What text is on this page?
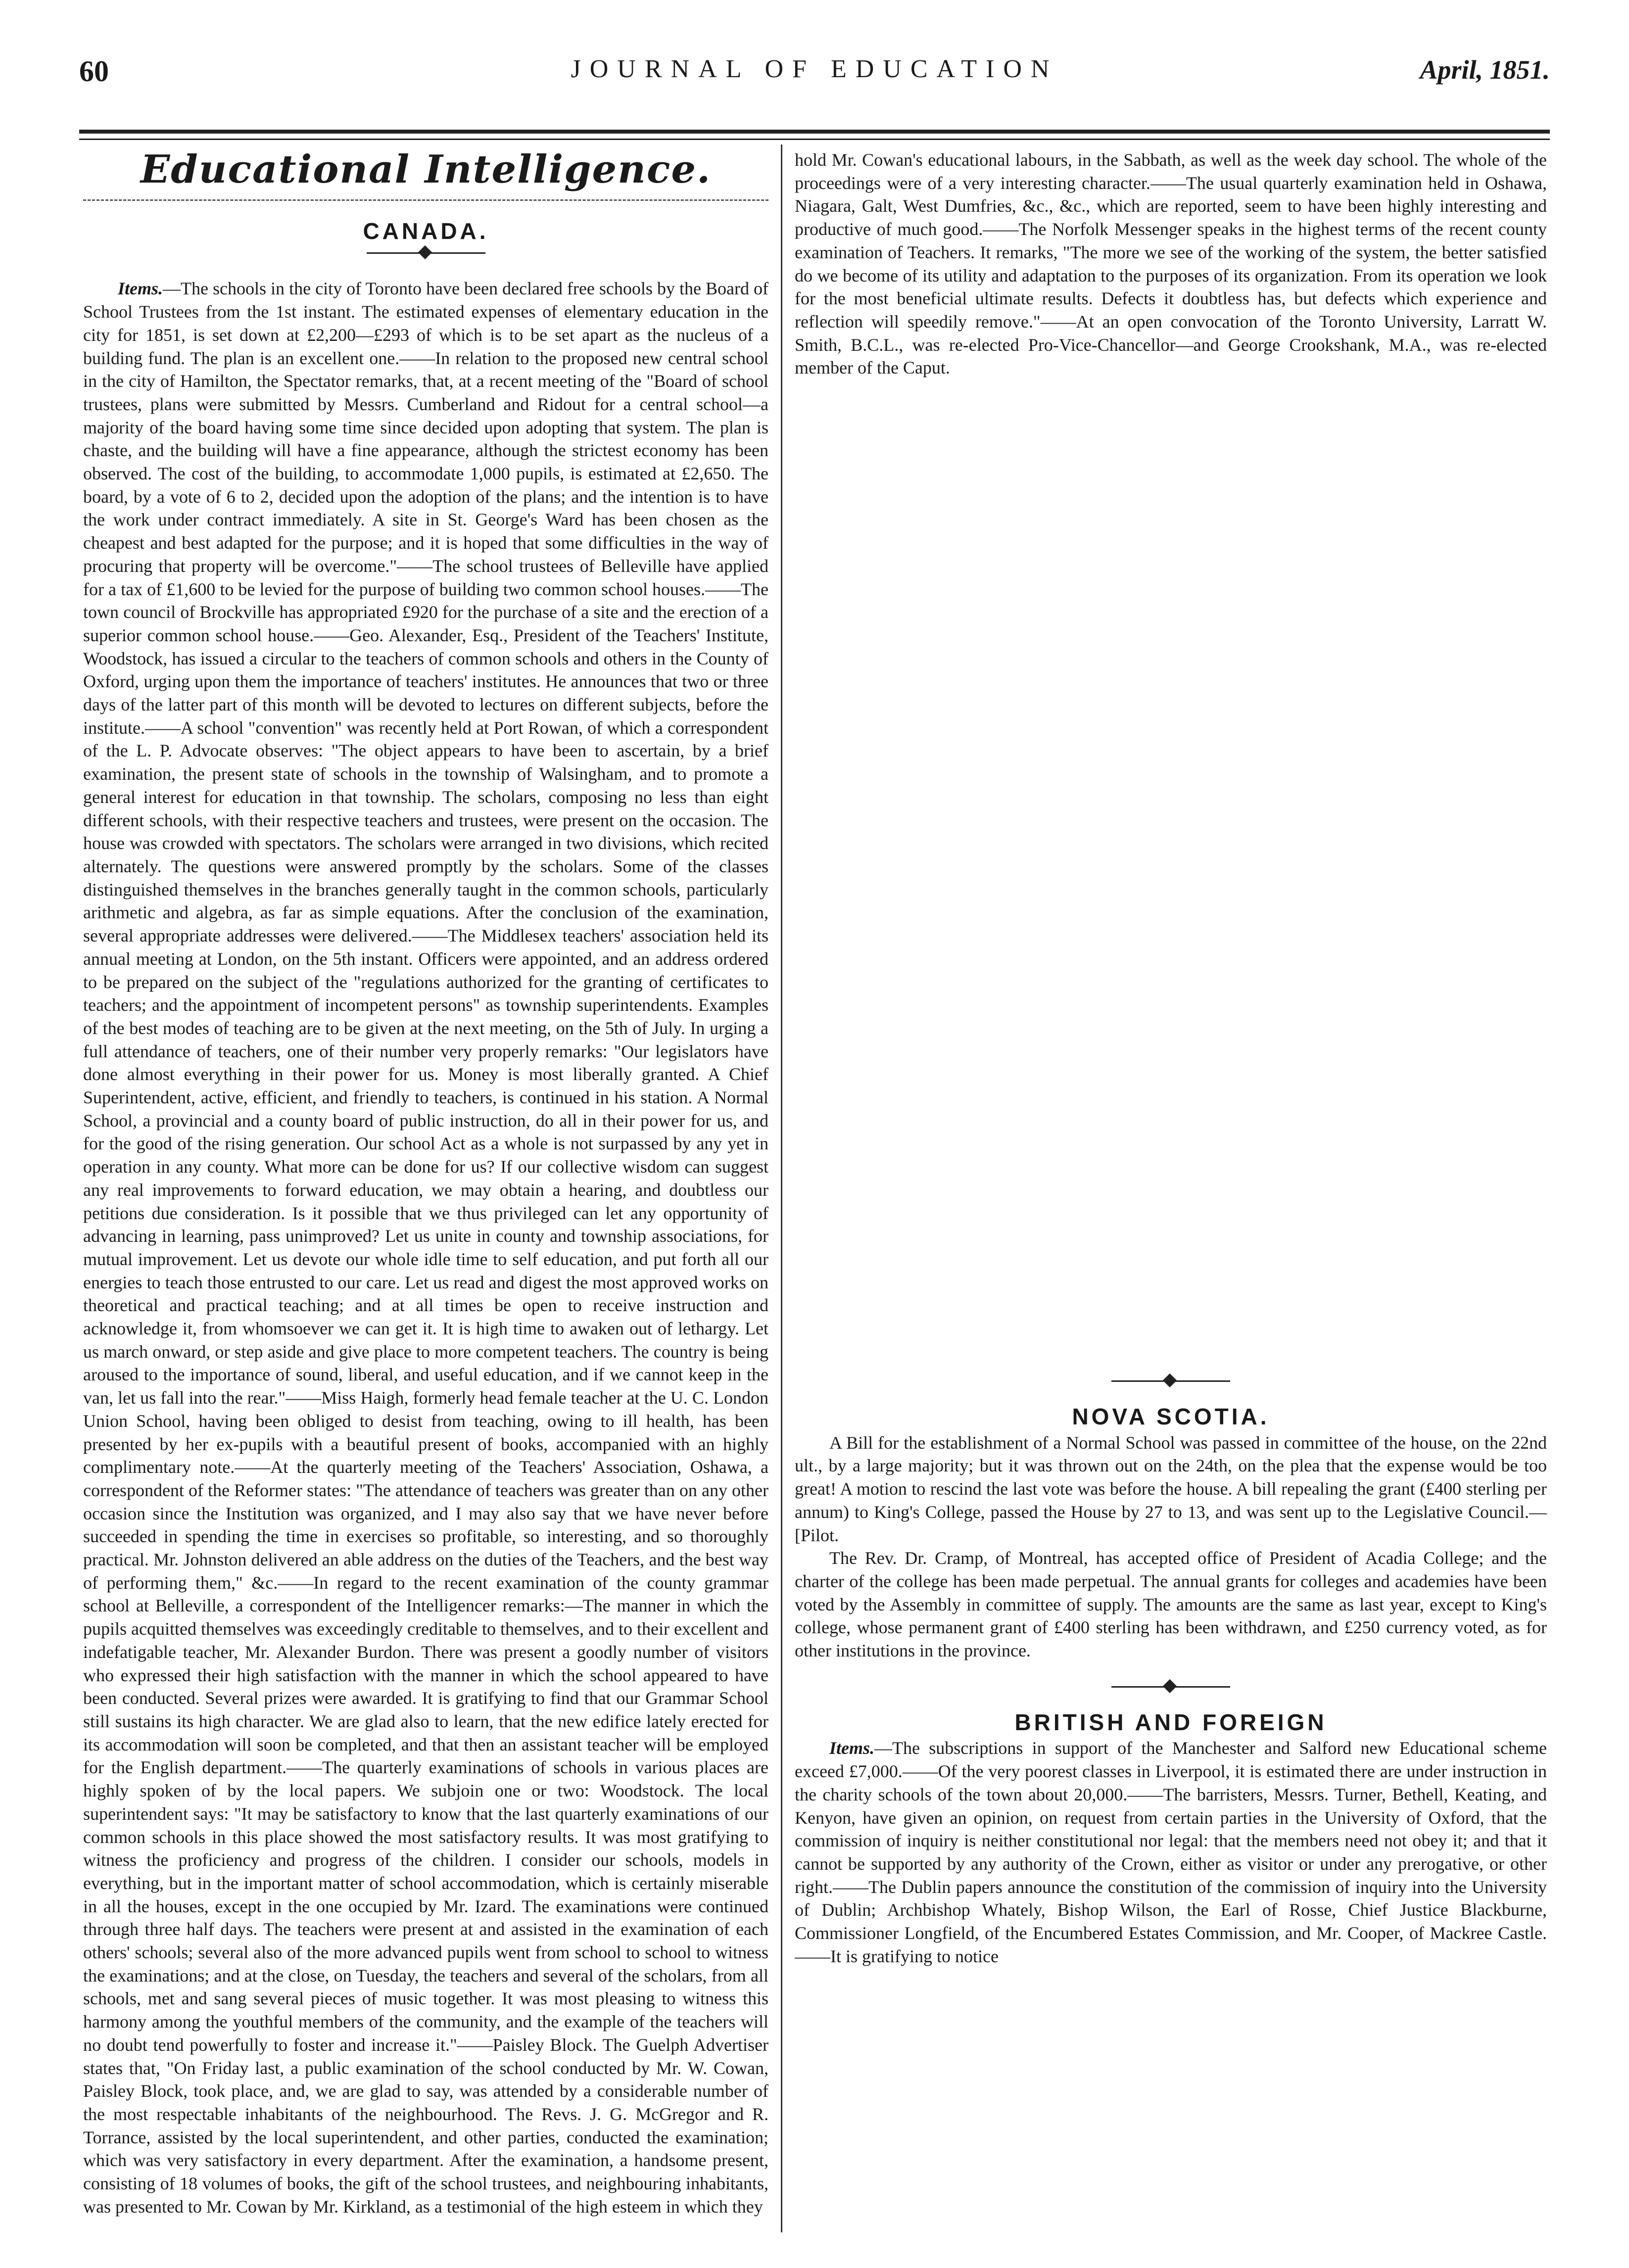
60	JOURNAL OF EDUCATION	April, 1851.
Educational Intelligence.
CANADA.

Items.—The schools in the city of Toronto have been declared free schools by the Board of School Trustees from the 1st instant. The estimated expenses of elementary education in the city for 1851, is set down at £2,200—£293 of which is to be set apart as the nucleus of a building fund. The plan is an excellent one.——In relation to the proposed new central school in the city of Hamilton, the Spectator remarks, that, at a recent meeting of the "Board of school trustees, plans were submitted by Messrs. Cumberland and Ridout for a central school—a majority of the board having some time since decided upon adopting that system. The plan is chaste, and the building will have a fine appearance, although the strictest economy has been observed. The cost of the building, to accommodate 1,000 pupils, is estimated at £2,650. The board, by a vote of 6 to 2, decided upon the adoption of the plans; and the intention is to have the work under contract immediately. A site in St. George's Ward has been chosen as the cheapest and best adapted for the purpose; and it is hoped that some difficulties in the way of procuring that property will be overcome."——The school trustees of Belleville have applied for a tax of £1,600 to be levied for the purpose of building two common school houses.——The town council of Brockville has appropriated £920 for the purchase of a site and the erection of a superior common school house.——Geo. Alexander, Esq., President of the Teachers' Institute, Woodstock, has issued a circular to the teachers of common schools and others in the County of Oxford, urging upon them the importance of teachers' institutes. He announces that two or three days of the latter part of this month will be devoted to lectures on different subjects, before the institute.——A school "convention" was recently held at Port Rowan, of which a correspondent of the L. P. Advocate observes: "The object appears to have been to ascertain, by a brief examination, the present state of schools in the township of Walsingham, and to promote a general interest for education in that township. The scholars, composing no less than eight different schools, with their respective teachers and trustees, were present on the occasion. The house was crowded with spectators. The scholars were arranged in two divisions, which recited alternately. The questions were answered promptly by the scholars. Some of the classes distinguished themselves in the branches generally taught in the common schools, particularly arithmetic and algebra, as far as simple equations. After the conclusion of the examination, several appropriate addresses were delivered.——The Middlesex teachers' association held its annual meeting at London, on the 5th instant. Officers were appointed, and an address ordered to be prepared on the subject of the "regulations authorized for the granting of certificates to teachers; and the appointment of incompetent persons" as township superintendents. Examples of the best modes of teaching are to be given at the next meeting, on the 5th of July. In urging a full attendance of teachers, one of their number very properly remarks: "Our legislators have done almost everything in their power for us. Money is most liberally granted. A Chief Superintendent, active, efficient, and friendly to teachers, is continued in his station. A Normal School, a provincial and a county board of public instruction, do all in their power for us, and for the good of the rising generation. Our school Act as a whole is not surpassed by any yet in operation in any county. What more can be done for us? If our collective wisdom can suggest any real improvements to forward education, we may obtain a hearing, and doubtless our petitions due consideration. Is it possible that we thus privileged can let any opportunity of advancing in learning, pass unimproved? Let us unite in county and township associations, for mutual improvement. Let us devote our whole idle time to self education, and put forth all our energies to teach those entrusted to our care. Let us read and digest the most approved works on theoretical and practical teaching; and at all times be open to receive instruction and acknowledge it, from whomsoever we can get it. It is high time to awaken out of lethargy. Let us march onward, or step aside and give place to more competent teachers. The country is being aroused to the importance of sound, liberal, and useful education, and if we cannot keep in the van, let us fall into the rear."——Miss Haigh, formerly head female teacher at the U. C. London Union School, having been obliged to desist from teaching, owing to ill health, has been presented by her ex-pupils with a beautiful present of books, accompanied with an highly complimentary note.——At the quarterly meeting of the Teachers' Association, Oshawa, a correspondent of the Reformer states: "The attendance of teachers was greater than on any other occasion since the Institution was organized, and I may also say that we have never before succeeded in spending the time in exercises so profitable, so interesting, and so thoroughly practical. Mr. Johnston delivered an able address on the duties of the Teachers, and the best way of performing them," &c.——In regard to the recent examination of the county grammar school at Belleville, a correspondent of the Intelligencer remarks:—The manner in which the pupils acquitted themselves was exceedingly creditable to themselves, and to their excellent and indefatigable teacher, Mr. Alexander Burdon. There was present a goodly number of visitors who expressed their high satisfaction with the manner in which the school appeared to have been conducted. Several prizes were awarded. It is gratifying to find that our Grammar School still sustains its high character. We are glad also to learn, that the new edifice lately erected for its accommodation will soon be completed, and that then an assistant teacher will be employed for the English department.——The quarterly examinations of schools in various places are highly spoken of by the local papers. We subjoin one or two: Woodstock. The local superintendent says: "It may be satisfactory to know that the last quarterly examinations of our common schools in this place showed the most satisfactory results. It was most gratifying to witness the proficiency and progress of the children. I consider our schools, models in everything, but in the important matter of school accommodation, which is certainly miserable in all the houses, except in the one occupied by Mr. Izard. The examinations were continued through three half days. The teachers were present at and assisted in the examination of each others' schools; several also of the more advanced pupils went from school to school to witness the examinations; and at the close, on Tuesday, the teachers and several of the scholars, from all schools, met and sang several pieces of music together. It was most pleasing to witness this harmony among the youthful members of the community, and the example of the teachers will no doubt tend powerfully to foster and increase it."——Paisley Block. The Guelph Advertiser states that, "On Friday last, a public examination of the school conducted by Mr. W. Cowan, Paisley Block, took place, and, we are glad to say, was attended by a considerable number of the most respectable inhabitants of the neighbourhood. The Revs. J. G. McGregor and R. Torrance, assisted by the local superintendent, and other parties, conducted the examination; which was very satisfactory in every department. After the examination, a handsome present, consisting of 18 volumes of books, the gift of the school trustees, and neighbouring inhabitants, was presented to Mr. Cowan by Mr. Kirkland, as a testimonial of the high esteem in which they

hold Mr. Cowan's educational labours, in the Sabbath, as well as the week day school. The whole of the proceedings were of a very interesting character.——The usual quarterly examination held in Oshawa, Niagara, Galt, West Dumfries, &c., &c., which are reported, seem to have been highly interesting and productive of much good.——The Norfolk Messenger speaks in the highest terms of the recent county examination of Teachers. It remarks, "The more we see of the working of the system, the better satisfied do we become of its utility and adaptation to the purposes of its organization. From its operation we look for the most beneficial ultimate results. Defects it doubtless has, but defects which experience and reflection will speedily remove."——At an open convocation of the Toronto University, Larratt W. Smith, B.C.L., was re-elected Pro-Vice-Chancellor—and George Crookshank, M.A., was re-elected member of the Caput.

NOVA SCOTIA.

A Bill for the establishment of a Normal School was passed in committee of the house, on the 22nd ult., by a large majority; but it was thrown out on the 24th, on the plea that the expense would be too great! A motion to rescind the last vote was before the house. A bill repealing the grant (£400 sterling per annum) to King's College, passed the House by 27 to 13, and was sent up to the Legislative Council.—[Pilot.

The Rev. Dr. Cramp, of Montreal, has accepted office of President of Acadia College; and the charter of the college has been made perpetual. The annual grants for colleges and academies have been voted by the Assembly in committee of supply. The amounts are the same as last year, except to King's college, whose permanent grant of £400 sterling has been withdrawn, and £250 currency voted, as for other institutions in the province.

BRITISH AND FOREIGN

Items.—The subscriptions in support of the Manchester and Salford new Educational scheme exceed £7,000.——Of the very poorest classes in Liverpool, it is estimated there are under instruction in the charity schools of the town about 20,000.——The barristers, Messrs. Turner, Bethell, Keating, and Kenyon, have given an opinion, on request from certain parties in the University of Oxford, that the commission of inquiry is neither constitutional nor legal: that the members need not obey it; and that it cannot be supported by any authority of the Crown, either as visitor or under any prerogative, or other right.——The Dublin papers announce the constitution of the commission of inquiry into the University of Dublin; Archbishop Whately, Bishop Wilson, the Earl of Rosse, Chief Justice Blackburne, Commissioner Longfield, of the Encumbered Estates Commission, and Mr. Cooper, of Mackree Castle.——It is gratifying to notice
